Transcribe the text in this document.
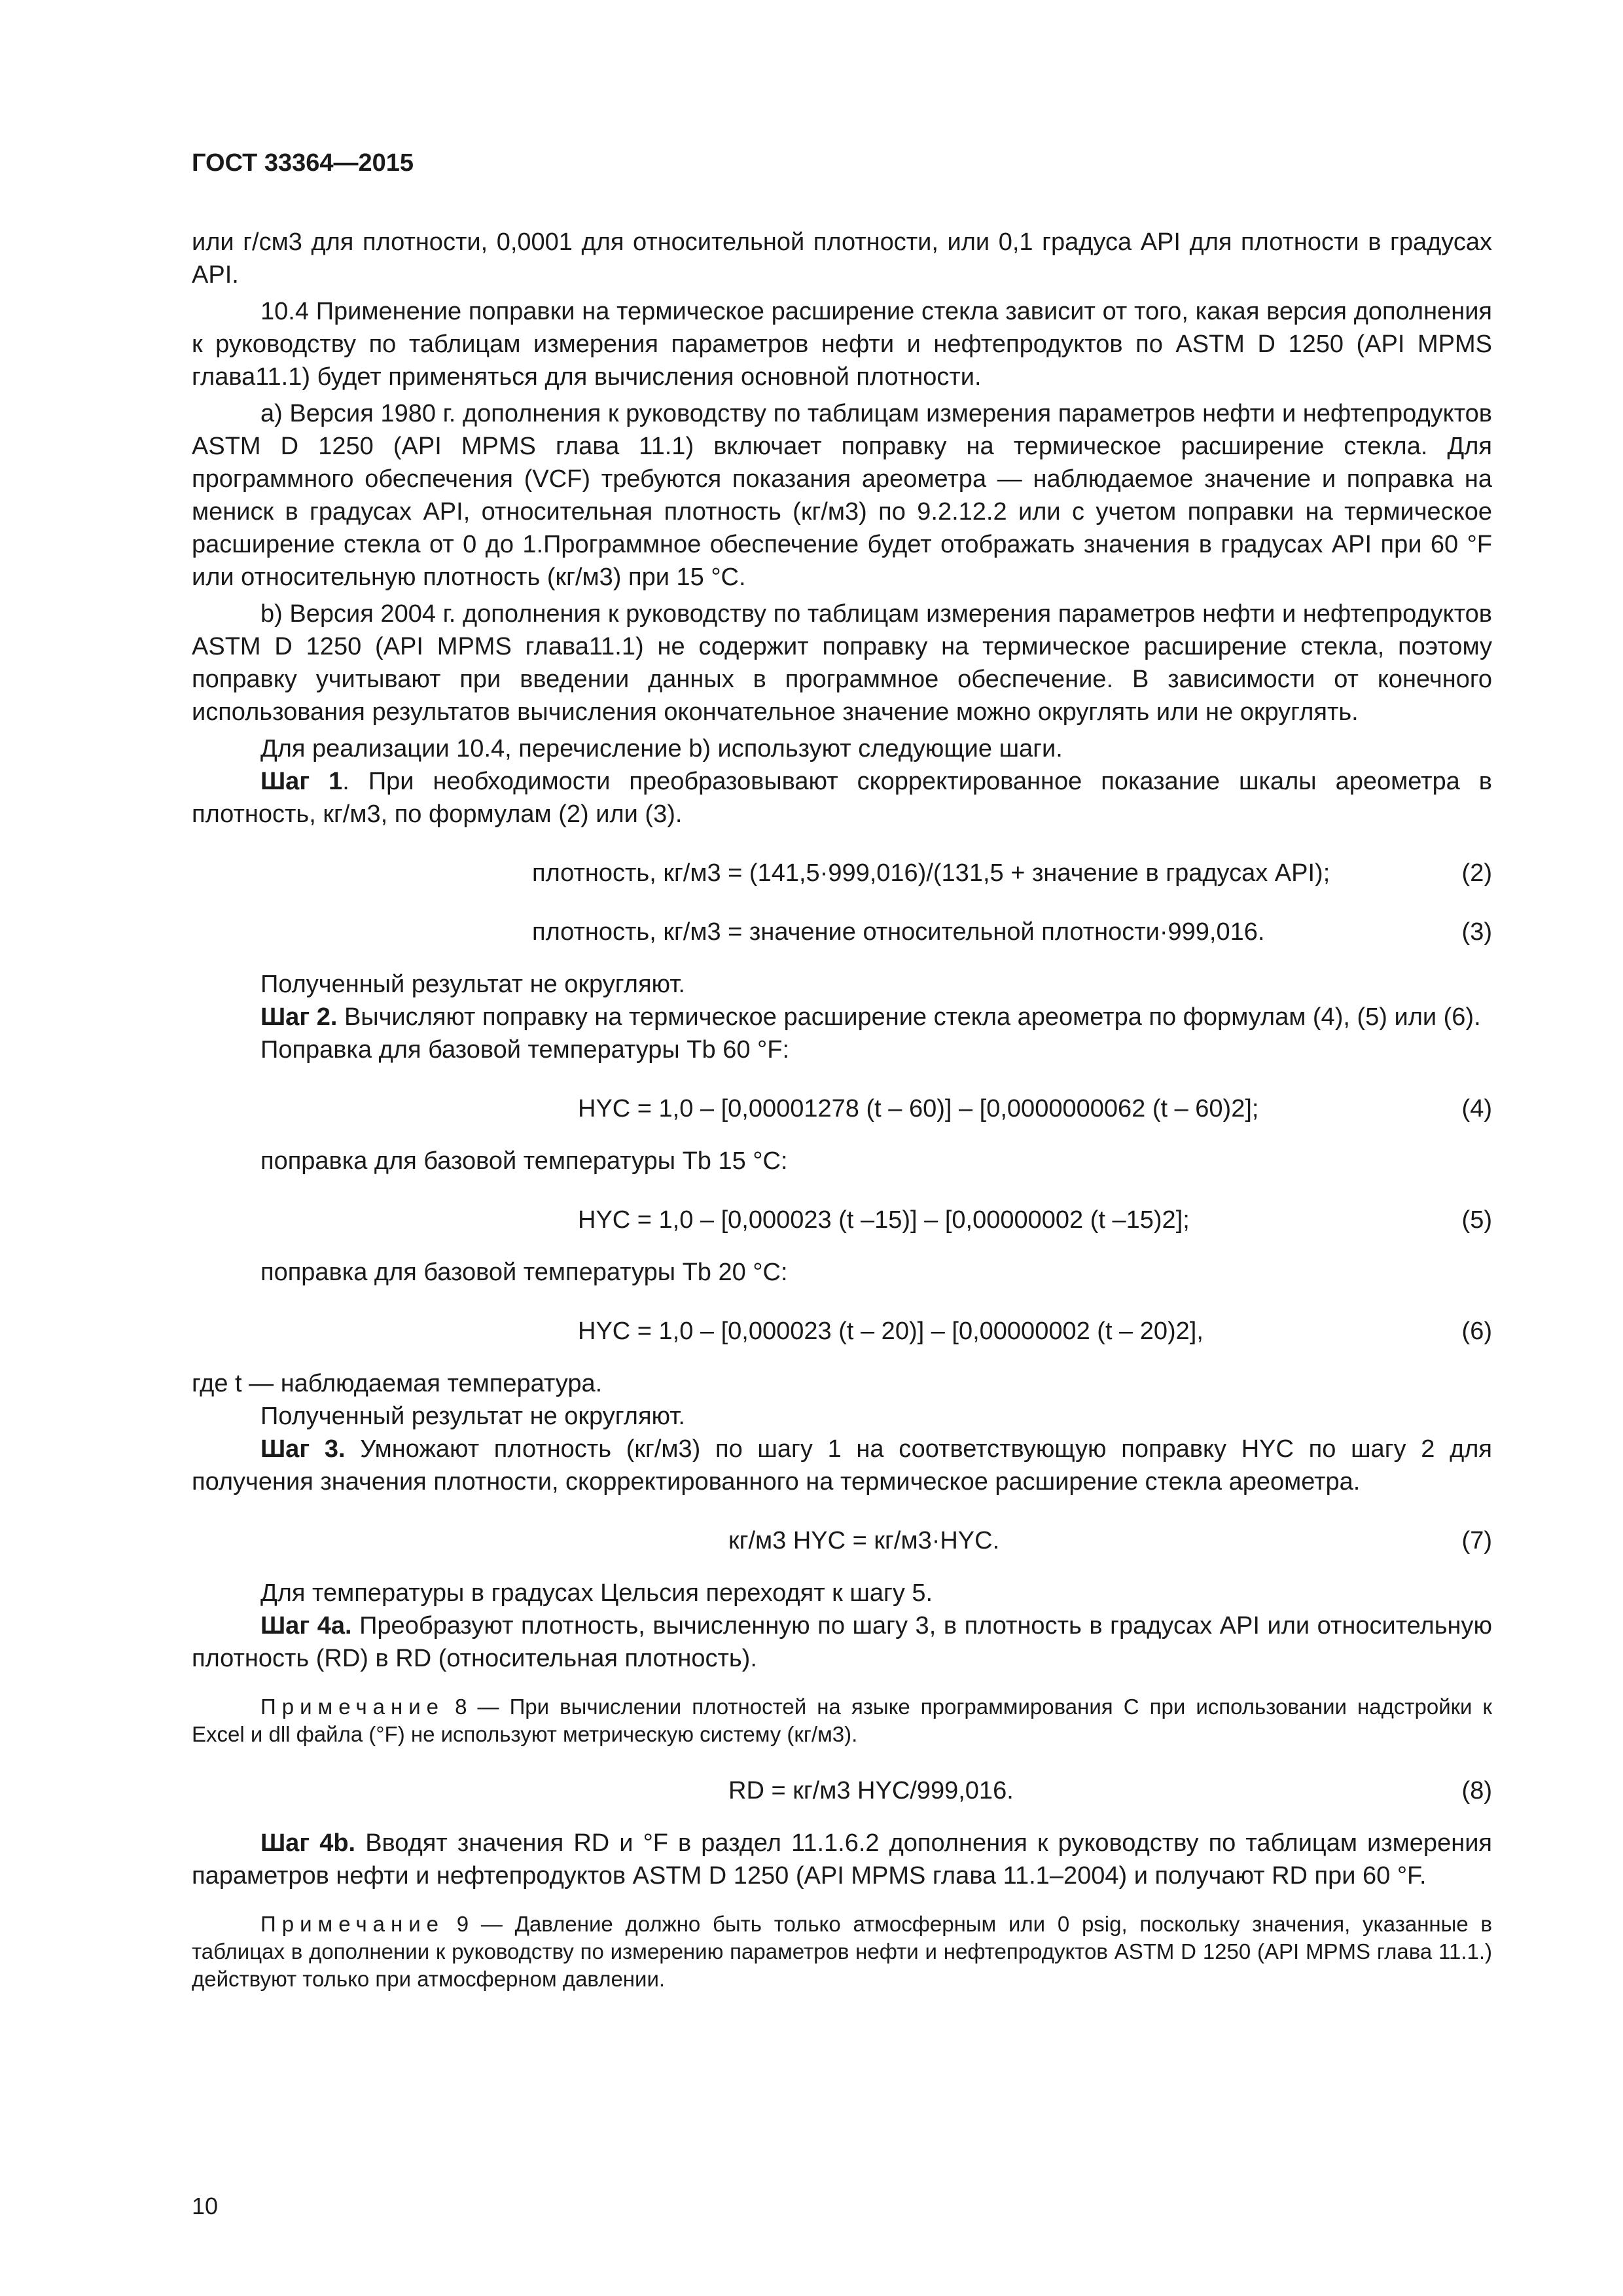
ГОСТ 33364—2015

или г/см3 для плотности, 0,0001 для относительной плотности, или 0,1 градуса API для плотности в градусах API.

10.4 Применение поправки на термическое расширение стекла зависит от того, какая версия дополнения к руководству по таблицам измерения параметров нефти и нефтепродуктов по ASTM D 1250 (API MPMS глава11.1) будет применяться для вычисления основной плотности.

а) Версия 1980 г. дополнения к руководству по таблицам измерения параметров нефти и нефтепродуктов ASTM D 1250 (API MPMS глава 11.1) включает поправку на термическое расширение стекла. Для программного обеспечения (VCF) требуются показания ареометра — наблюдаемое значение и поправка на мениск в градусах API, относительная плотность (кг/м3) по 9.2.12.2 или с учетом поправки на термическое расширение стекла от 0 до 1.Программное обеспечение будет отображать значения в градусах API при 60 °F или относительную плотность (кг/м3) при 15 °С.

b) Версия 2004 г. дополнения к руководству по таблицам измерения параметров нефти и нефтепродуктов ASTM D 1250 (API MPMS глава11.1) не содержит поправку на термическое расширение стекла, поэтому поправку учитывают при введении данных в программное обеспечение. В зависимости от конечного использования результатов вычисления окончательное значение можно округлять или не округлять.

Для реализации 10.4, перечисление b) используют следующие шаги.

Шаг 1. При необходимости преобразовывают скорректированное показание шкалы ареометра в плотность, кг/м3, по формулам (2) или (3).

плотность, кг/м3 = (141,5·999,016)/(131,5 + значение в градусах API);	(2)
плотность, кг/м3 = значение относительной плотности·999,016.	(3)

Полученный результат не округляют.

Шаг 2. Вычисляют поправку на термическое расширение стекла ареометра по формулам (4), (5) или (6).

Поправка для базовой температуры Tb 60 °F:

HYC = 1,0 – [0,00001278 (t – 60)] – [0,0000000062 (t – 60)2];	(4)

поправка для базовой температуры Tb 15 °С:

HYC = 1,0 – [0,000023 (t –15)] – [0,00000002 (t –15)2];	(5)

поправка для базовой температуры Tb 20 °С:

HYC = 1,0 – [0,000023 (t – 20)] – [0,00000002 (t – 20)2],	(6)

где t — наблюдаемая температура.

Полученный результат не округляют.

Шаг 3. Умножают плотность (кг/м3) по шагу 1 на соответствующую поправку HYC по шагу 2 для получения значения плотности, скорректированного на термическое расширение стекла ареометра.

кг/м3 HYC = кг/м3·HYC.	(7)

Для температуры в градусах Цельсия переходят к шагу 5.

Шаг 4а. Преобразуют плотность, вычисленную по шагу 3, в плотность в градусах API или относительную плотность (RD) в RD (относительная плотность).

Примечание 8 — При вычислении плотностей на языке программирования С при использовании надстройки к Excel и dll файла (°F) не используют метрическую систему (кг/м3).

RD = кг/м3 HYC/999,016.	(8)

Шаг 4b. Вводят значения RD и °F в раздел 11.1.6.2 дополнения к руководству по таблицам измерения параметров нефти и нефтепродуктов ASTM D 1250 (API MPMS глава 11.1–2004) и получают RD при 60 °F.

Примечание 9 — Давление должно быть только атмосферным или 0 psig, поскольку значения, указанные в таблицах в дополнении к руководству по измерению параметров нефти и нефтепродуктов ASTM D 1250 (API MPMS глава 11.1.) действуют только при атмосферном давлении.

10
